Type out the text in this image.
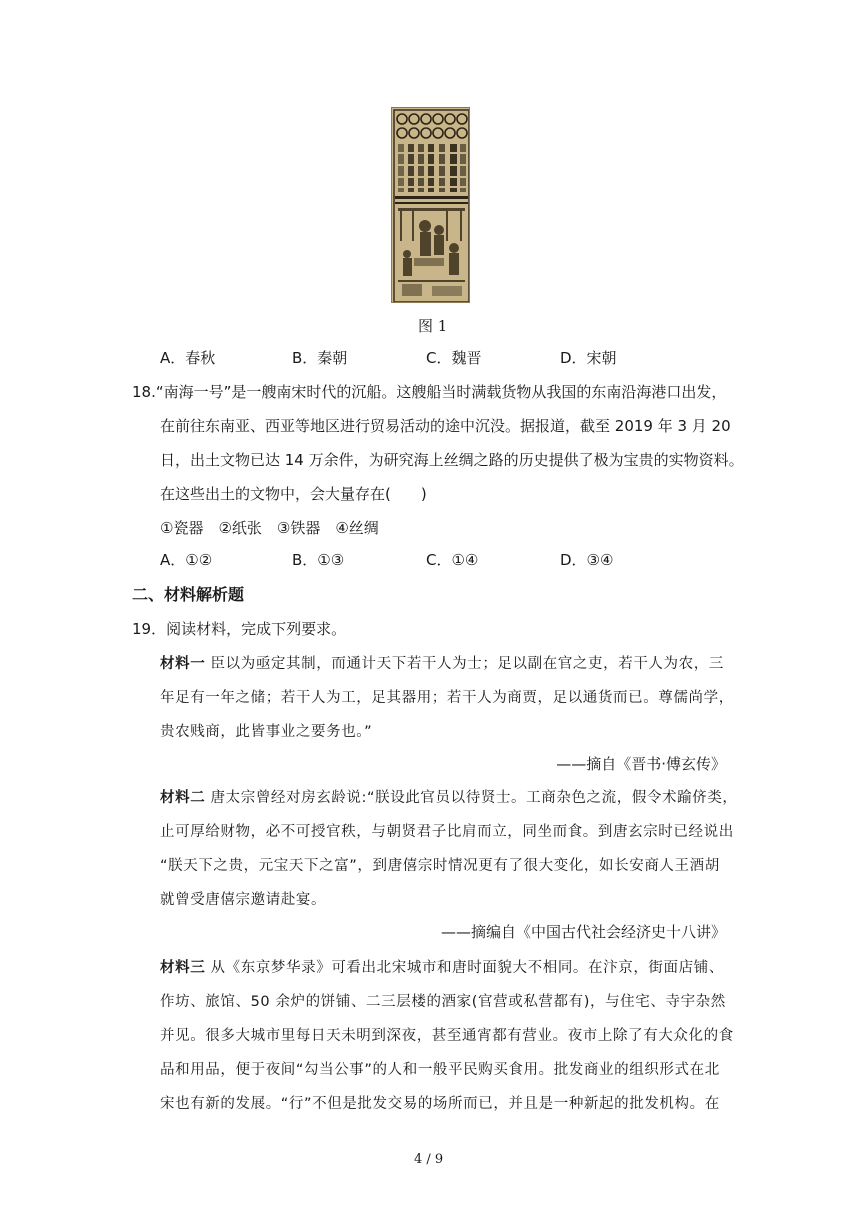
图 1
A．春秋	B．秦朝	C．魏晋	D．宋朝
18.“南海一号”是一艘南宋时代的沉船。这艘船当时满载货物从我国的东南沿海港口出发，
在前往东南亚、西亚等地区进行贸易活动的途中沉没。据报道，截至 2019 年 3 月 20
日，出土文物已达 14 万余件，为研究海上丝绸之路的历史提供了极为宝贵的实物资料。
在这些出土的文物中，会大量存在(　　)
①瓷器　②纸张　③铁器　④丝绸
A．①②	B．①③	C．①④	D．③④
二、材料解析题
19．阅读材料，完成下列要求。
材料一 臣以为亟定其制，而通计天下若干人为士；足以副在官之吏，若干人为农，三
年足有一年之储；若干人为工，足其器用；若干人为商贾，足以通货而已。尊儒尚学，
贵农贱商，此皆事业之要务也。”
——摘自《晋书·傅玄传》
材料二 唐太宗曾经对房玄龄说:“朕设此官员以待贤士。工商杂色之流，假令术踰侪类，
止可厚给财物，必不可授官秩，与朝贤君子比肩而立，同坐而食。到唐玄宗时已经说出
“朕天下之贵，元宝天下之富”，到唐僖宗时情况更有了很大变化，如长安商人王酒胡
就曾受唐僖宗邀请赴宴。
——摘编自《中国古代社会经济史十八讲》
材料三 从《东京梦华录》可看出北宋城市和唐时面貌大不相同。在汴京，街面店铺、
作坊、旅馆、50 余炉的饼铺、二三层楼的酒家(官营或私营都有)，与住宅、寺宇杂然
并见。很多大城市里每日天未明到深夜，甚至通宵都有营业。夜市上除了有大众化的食
品和用品，便于夜间“勾当公事”的人和一般平民购买食用。批发商业的组织形式在北
宋也有新的发展。“行”不但是批发交易的场所而已，并且是一种新起的批发机构。在
4 / 9
